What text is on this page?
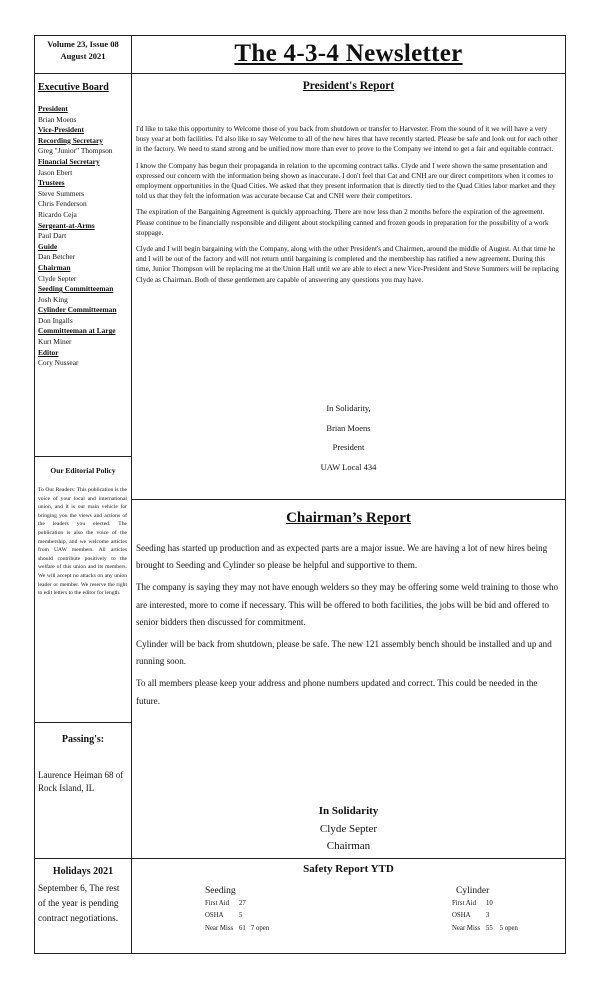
Volume 23, Issue 08
August 2021
Executive Board
President
Brian Moens
Vice-President
Recording Secretary
Greg "Junior" Thompson
Financial Secretary
Jason Ebert
Trustees
Steve Summers
Chris Fenderson
Ricardo Ceja
Sergeant-at-Arms
Paul Dart
Guide
Dan Betcher
Chairman
Clyde Septer
Seeding Committeeman
Josh King
Cylinder Committeeman
Don Ingalls
Committeeman at Large
Kurt Miner
Editor
Cory Nussear
Our Editorial Policy
To Our Readers: This publication is the voice of your local and international union, and it is our main vehicle for bringing you the views and actions of the leaders you elected. The publication is also the voice of the membership, and we welcome articles from UAW members. All articles should contribute positively to the welfare of this union and its members. We will accept no attacks on any union leader or member. We reserve the right to edit letters to the editor for length.
Passing's:
Laurence Heiman 68 of Rock Island, IL
Holidays 2021
September 6, The rest of the year is pending contract negotiations.
The 4-3-4 Newsletter
President's Report

I'd like to take this opportunity to Welcome those of you back from shutdown or transfer to Harvester. From the sound of it we will have a very busy year at both facilities. I'd also like to say Welcome to all of the new hires that have recently started. Please be safe and look out for each other in the factory. We need to stand strong and be unified now more than ever to prove to the Company we intend to get a fair and equitable contract.

I know the Company has begun their propaganda in relation to the upcoming contract talks. Clyde and I were shown the same presentation and expressed our concern with the information being shown as inaccurate. I don't feel that Cat and CNH are our direct competitors when it comes to employment opportunities in the Quad Cities. We asked that they present information that is directly tied to the Quad Cities labor market and they told us that they felt the information was accurate because Cat and CNH were their competitors.

The expiration of the Bargaining Agreement is quickly approaching. There are now less than 2 months before the expiration of the agreement. Please continue to be financially responsible and diligent about stockpiling canned and frozen goods in preparation for the possibility of a work stoppage.

Clyde and I will begin bargaining with the Company, along with the other President's and Chairmen, around the middle of August. At that time he and I will be out of the factory and will not return until bargaining is completed and the membership has ratified a new agreement. During this time, Junior Thompson will be replacing me at the Union Hall until we are able to elect a new Vice-President and Steve Summers will be replacing Clyde as Chairman. Both of these gentlemen are capable of answering any questions you may have.

In Solidarity,
Brian Moens
President
UAW Local 434
Chairman’s Report

Seeding has started up production and as expected parts are a major issue. We are having a lot of new hires being brought to Seeding and Cylinder so please be helpful and supportive to them.

The company is saying they may not have enough welders so they may be offering some weld training to those who are interested, more to come if necessary. This will be offered to both facilities, the jobs will be bid and offered to senior bidders then discussed for commitment.

Cylinder will be back from shutdown, please be safe. The new 121 assembly bench should be installed and up and running soon.

To all members please keep your address and phone numbers updated and correct. This could be needed in the future.

In Solidarity
Clyde Septer
Chairman
Safety Report YTD
Seeding
First Aid 27
OSHA 5
Near Miss 61   7 open
Cylinder
First Aid 10
OSHA 3
Near Miss 55    5 open
